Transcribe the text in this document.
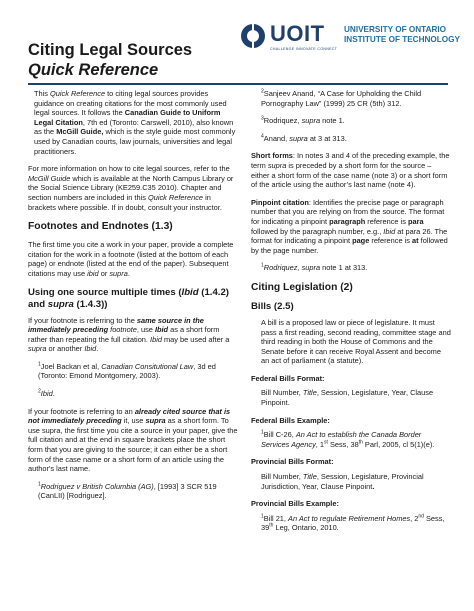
Citing Legal Sources
Quick Reference
UOIT
CHALLENGE INNOVATE CONNECT
UNIVERSITY OF ONTARIO
INSTITUTE OF TECHNOLOGY

This Quick Reference to citing legal sources provides guidance on creating citations for the most commonly used legal sources. It follows the Canadian Guide to Uniform Legal Citation, 7th ed (Toronto: Carswell, 2010), also known as the McGill Guide, which is the style guide most commonly used by Canadian courts, law journals, universities and legal practitioners.

For more information on how to cite legal sources, refer to the McGill Guide which is available at the North Campus Library or the Social Science Library (KE259.C35 2010). Chapter and section numbers are included in this Quick Reference in brackets where possible. If in doubt, consult your instructor.

Footnotes and Endnotes (1.3)

The first time you cite a work in your paper, provide a complete citation for the work in a footnote (listed at the bottom of each page) or endnote (listed at the end of the paper). Subsequent citations may use ibid or supra.

Using one source multiple times (Ibid (1.4.2) and supra (1.4.3))

If your footnote is referring to the same source in the immediately preceding footnote, use Ibid as a short form rather than repeating the full citation. Ibid may be used after a supra or another Ibid.

$^1$Joel Backan et al, Canadian Consitutional Law, 3d ed (Toronto: Emond Montgomery, 2003).

$^2$Ibid.

If your footnote is referring to an already cited source that is not immediately preceding it, use supra as a short form. To use supra, the first time you cite a source in your paper, give the full citation and at the end in square brackets place the short form that you are giving to the source; it can either be a short form of the case name or a short form of an article using the author's last name.

$^1$Rodriguez v British Columbia (AG), [1993] 3 SCR 519 (CanLII) [Rodriguez].

$^2$Sanjeev Anand, “A Case for Upholding the Child Pornography Law” (1999) 25 CR (5th) 312.

$^3$Rodriquez, supra note 1.

$^4$Anand, supra at 3 at 313.

Short forms: In notes 3 and 4 of the preceding example, the term supra is preceded by a short form for the source – either a short form of the case name (note 3) or a short form of the article using the author’s last name (note 4).

Pinpoint citation: Identifies the precise page or paragraph number that you are relying on from the source. The format for indicating a pinpoint paragraph reference is para followed by the paragraph number, e.g., Ibid at para 26. The format for indicating a pinpoint page reference is at followed by the page number.

$^1$Rodriquez, supra note 1 at 313.

Citing Legislation (2)
Bills (2.5)

A bill is a proposed law or piece of legislature. It must pass a first reading, second reading, committee stage and third reading in both the House of Commons and the Senate before it can receive Royal Assent and become an act of parliament (a statute).

Federal Bills Format:

Bill Number, Title, Session, Legislature, Year, Clause Pinpoint.

Federal Bills Example:

$^1$Bill C-26, An Act to establish the Canada Border Services Agency, 1st Sess, 38th Parl, 2005, cl 5(1)(e).

Provincial Bills Format:

Bill Number, Title, Session, Legislature, Provincial Jurisdiction, Year, Clause Pinpoint.

Provincial Bills Example:

$^1$Bill 21, An Act to regulate Retirement Homes, 2nd Sess, 39th Leg, Ontario, 2010.
